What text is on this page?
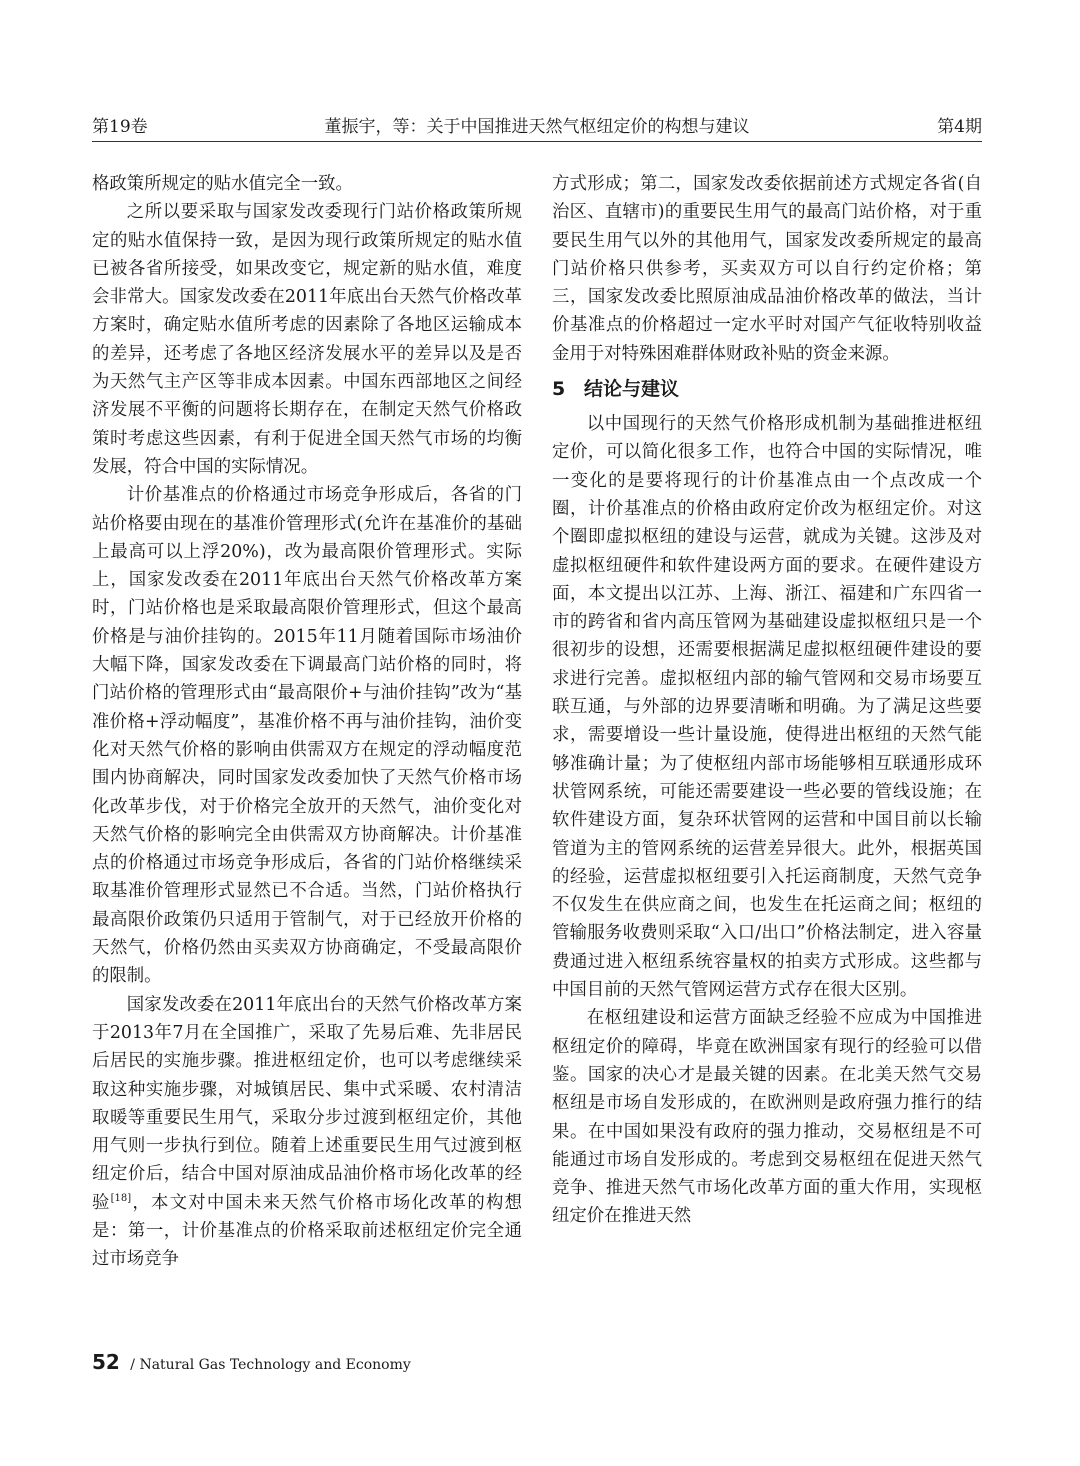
第19卷	董振宇，等：关于中国推进天然气枢纽定价的构想与建议	第4期

格政策所规定的贴水值完全一致。

之所以要采取与国家发改委现行门站价格政策所规定的贴水值保持一致，是因为现行政策所规定的贴水值已被各省所接受，如果改变它，规定新的贴水值，难度会非常大。国家发改委在2011年底出台天然气价格改革方案时，确定贴水值所考虑的因素除了各地区运输成本的差异，还考虑了各地区经济发展水平的差异以及是否为天然气主产区等非成本因素。中国东西部地区之间经济发展不平衡的问题将长期存在，在制定天然气价格政策时考虑这些因素，有利于促进全国天然气市场的均衡发展，符合中国的实际情况。

计价基准点的价格通过市场竞争形成后，各省的门站价格要由现在的基准价管理形式(允许在基准价的基础上最高可以上浮20%)，改为最高限价管理形式。实际上，国家发改委在2011年底出台天然气价格改革方案时，门站价格也是采取最高限价管理形式，但这个最高价格是与油价挂钩的。2015年11月随着国际市场油价大幅下降，国家发改委在下调最高门站价格的同时，将门站价格的管理形式由“最高限价+与油价挂钩”改为“基准价格+浮动幅度”，基准价格不再与油价挂钩，油价变化对天然气价格的影响由供需双方在规定的浮动幅度范围内协商解决，同时国家发改委加快了天然气价格市场化改革步伐，对于价格完全放开的天然气，油价变化对天然气价格的影响完全由供需双方协商解决。计价基准点的价格通过市场竞争形成后，各省的门站价格继续采取基准价管理形式显然已不合适。当然，门站价格执行最高限价政策仍只适用于管制气，对于已经放开价格的天然气，价格仍然由买卖双方协商确定，不受最高限价的限制。

国家发改委在2011年底出台的天然气价格改革方案于2013年7月在全国推广，采取了先易后难、先非居民后居民的实施步骤。推进枢纽定价，也可以考虑继续采取这种实施步骤，对城镇居民、集中式采暖、农村清洁取暖等重要民生用气，采取分步过渡到枢纽定价，其他用气则一步执行到位。随着上述重要民生用气过渡到枢纽定价后，结合中国对原油成品油价格市场化改革的经验[18]，本文对中国未来天然气价格市场化改革的构想是：第一，计价基准点的价格采取前述枢纽定价完全通过市场竞争

方式形成；第二，国家发改委依据前述方式规定各省(自治区、直辖市)的重要民生用气的最高门站价格，对于重要民生用气以外的其他用气，国家发改委所规定的最高门站价格只供参考，买卖双方可以自行约定价格；第三，国家发改委比照原油成品油价格改革的做法，当计价基准点的价格超过一定水平时对国产气征收特别收益金用于对特殊困难群体财政补贴的资金来源。

5 结论与建议

以中国现行的天然气价格形成机制为基础推进枢纽定价，可以简化很多工作，也符合中国的实际情况，唯一变化的是要将现行的计价基准点由一个点改成一个圈，计价基准点的价格由政府定价改为枢纽定价。对这个圈即虚拟枢纽的建设与运营，就成为关键。这涉及对虚拟枢纽硬件和软件建设两方面的要求。在硬件建设方面，本文提出以江苏、上海、浙江、福建和广东四省一市的跨省和省内高压管网为基础建设虚拟枢纽只是一个很初步的设想，还需要根据满足虚拟枢纽硬件建设的要求进行完善。虚拟枢纽内部的输气管网和交易市场要互联互通，与外部的边界要清晰和明确。为了满足这些要求，需要增设一些计量设施，使得进出枢纽的天然气能够准确计量；为了使枢纽内部市场能够相互联通形成环状管网系统，可能还需要建设一些必要的管线设施；在软件建设方面，复杂环状管网的运营和中国目前以长输管道为主的管网系统的运营差异很大。此外，根据英国的经验，运营虚拟枢纽要引入托运商制度，天然气竞争不仅发生在供应商之间，也发生在托运商之间；枢纽的管输服务收费则采取“入口/出口”价格法制定，进入容量费通过进入枢纽系统容量权的拍卖方式形成。这些都与中国目前的天然气管网运营方式存在很大区别。

在枢纽建设和运营方面缺乏经验不应成为中国推进枢纽定价的障碍，毕竟在欧洲国家有现行的经验可以借鉴。国家的决心才是最关键的因素。在北美天然气交易枢纽是市场自发形成的，在欧洲则是政府强力推行的结果。在中国如果没有政府的强力推动，交易枢纽是不可能通过市场自发形成的。考虑到交易枢纽在促进天然气竞争、推进天然气市场化改革方面的重大作用，实现枢纽定价在推进天然

52 / Natural Gas Technology and Economy
